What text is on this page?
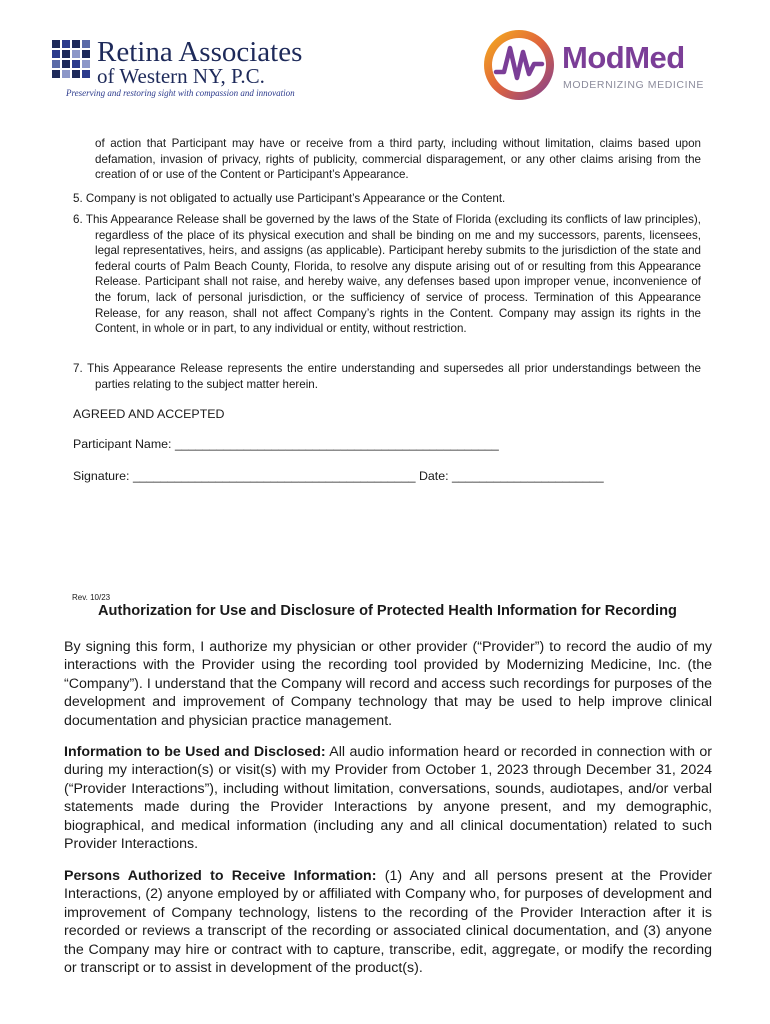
Retina Associates
of Western NY, P.C.
Preserving and restoring sight with compassion and innovation
ModMed
MODERNIZING MEDICINE

of action that Participant may have or receive from a third party, including without limitation, claims based upon defamation, invasion of privacy, rights of publicity, commercial disparagement, or any other claims arising from the creation of or use of the Content or Participant’s Appearance.

5. Company is not obligated to actually use Participant’s Appearance or the Content.

6. This Appearance Release shall be governed by the laws of the State of Florida (excluding its conflicts of law principles), regardless of the place of its physical execution and shall be binding on me and my successors, parents, licensees, legal representatives, heirs, and assigns (as applicable). Participant hereby submits to the jurisdiction of the state and federal courts of Palm Beach County, Florida, to resolve any dispute arising out of or resulting from this Appearance Release. Participant shall not raise, and hereby waive, any defenses based upon improper venue, inconvenience of the forum, lack of personal jurisdiction, or the sufficiency of service of process. Termination of this Appearance Release, for any reason, shall not affect Company’s rights in the Content. Company may assign its rights in the Content, in whole or in part, to any individual or entity, without restriction.

7. This Appearance Release represents the entire understanding and supersedes all prior understandings between the parties relating to the subject matter herein.

AGREED AND ACCEPTED
Participant Name: _______________________________________________
Signature: _________________________________________ Date: ______________________
Rev. 10/23
Authorization for Use and Disclosure of Protected Health Information for Recording

By signing this form, I authorize my physician or other provider (“Provider”) to record the audio of my interactions with the Provider using the recording tool provided by Modernizing Medicine, Inc. (the “Company”). I understand that the Company will record and access such recordings for purposes of the development and improvement of Company technology that may be used to help improve clinical documentation and physician practice management.

Information to be Used and Disclosed: All audio information heard or recorded in connection with or during my interaction(s) or visit(s) with my Provider from October 1, 2023 through December 31, 2024 (“Provider Interactions”), including without limitation, conversations, sounds, audiotapes, and/or verbal statements made during the Provider Interactions by anyone present, and my demographic, biographical, and medical information (including any and all clinical documentation) related to such Provider Interactions.

Persons Authorized to Receive Information: (1) Any and all persons present at the Provider Interactions, (2) anyone employed by or affiliated with Company who, for purposes of development and improvement of Company technology, listens to the recording of the Provider Interaction after it is recorded or reviews a transcript of the recording or associated clinical documentation, and (3) anyone the Company may hire or contract with to capture, transcribe, edit, aggregate, or modify the recording or transcript or to assist in development of the product(s).
